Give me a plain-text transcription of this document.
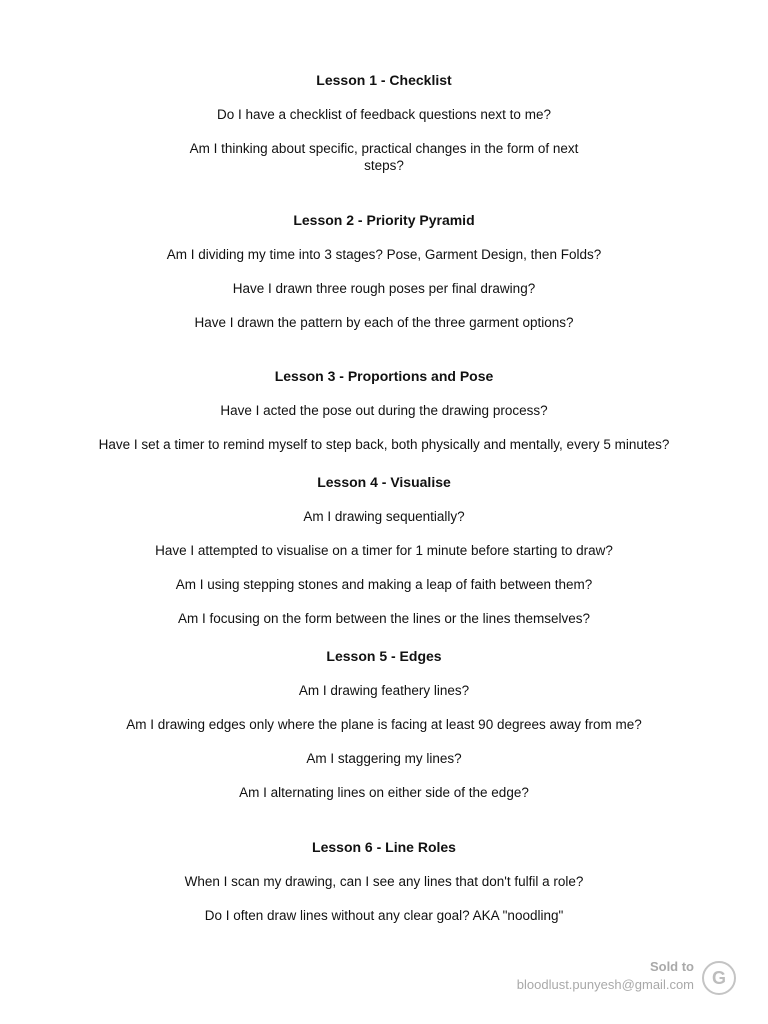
Lesson 1 - Checklist
Do I have a checklist of feedback questions next to me?
Am I thinking about specific, practical changes in the form of next steps?
Lesson 2 - Priority Pyramid
Am I dividing my time into 3 stages? Pose, Garment Design, then Folds?
Have I drawn three rough poses per final drawing?
Have I drawn the pattern by each of the three garment options?
Lesson 3 - Proportions and Pose
Have I acted the pose out during the drawing process?
Have I set a timer to remind myself to step back, both physically and mentally, every 5 minutes?
Lesson 4 - Visualise
Am I drawing sequentially?
Have I attempted to visualise on a timer for 1 minute before starting to draw?
Am I using stepping stones and making a leap of faith between them?
Am I focusing on the form between the lines or the lines themselves?
Lesson 5 - Edges
Am I drawing feathery lines?
Am I drawing edges only where the plane is facing at least 90 degrees away from me?
Am I staggering my lines?
Am I alternating lines on either side of the edge?
Lesson 6 - Line Roles
When I scan my drawing, can I see any lines that don't fulfil a role?
Do I often draw lines without any clear goal? AKA "noodling"
Sold to
bloodlust.punyesh@gmail.com G
